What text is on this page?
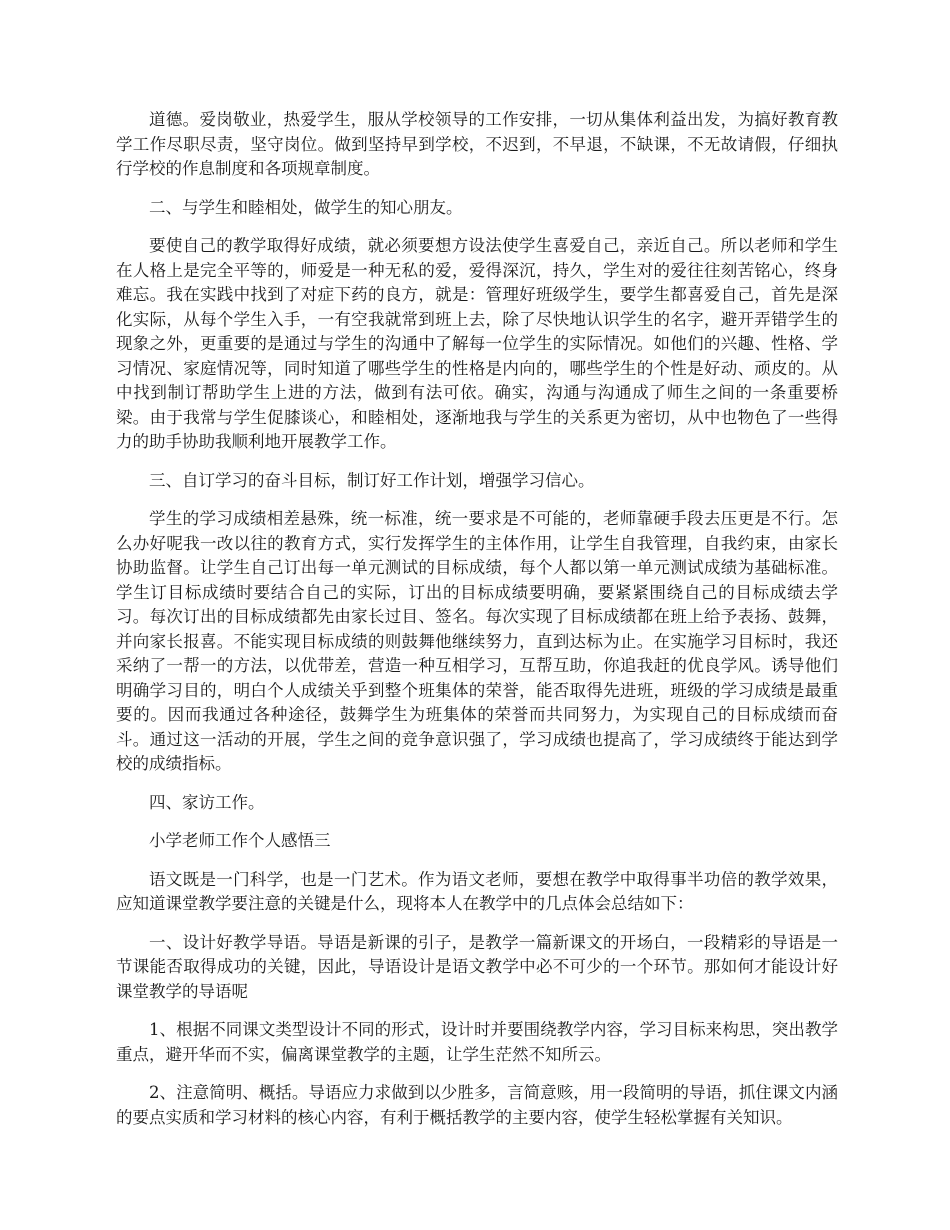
道德。爱岗敬业，热爱学生，服从学校领导的工作安排，一切从集体利益出发，为搞好教育教学工作尽职尽责，坚守岗位。做到坚持早到学校，不迟到，不早退，不缺课，不无故请假，仔细执行学校的作息制度和各项规章制度。

二、与学生和睦相处，做学生的知心朋友。

要使自己的教学取得好成绩，就必须要想方设法使学生喜爱自己，亲近自己。所以老师和学生在人格上是完全平等的，师爱是一种无私的爱，爱得深沉，持久，学生对的爱往往刻苦铭心，终身难忘。我在实践中找到了对症下药的良方，就是：管理好班级学生，要学生都喜爱自己，首先是深化实际，从每个学生入手，一有空我就常到班上去，除了尽快地认识学生的名字，避开弄错学生的现象之外，更重要的是通过与学生的沟通中了解每一位学生的实际情况。如他们的兴趣、性格、学习情况、家庭情况等，同时知道了哪些学生的性格是内向的，哪些学生的个性是好动、顽皮的。从中找到制订帮助学生上进的方法，做到有法可依。确实，沟通与沟通成了师生之间的一条重要桥梁。由于我常与学生促膝谈心，和睦相处，逐渐地我与学生的关系更为密切，从中也物色了一些得力的助手协助我顺利地开展教学工作。

三、自订学习的奋斗目标，制订好工作计划，增强学习信心。

学生的学习成绩相差悬殊，统一标准，统一要求是不可能的，老师靠硬手段去压更是不行。怎么办好呢我一改以往的教育方式，实行发挥学生的主体作用，让学生自我管理，自我约束，由家长协助监督。让学生自己订出每一单元测试的目标成绩，每个人都以第一单元测试成绩为基础标准。学生订目标成绩时要结合自己的实际，订出的目标成绩要明确，要紧紧围绕自己的目标成绩去学习。每次订出的目标成绩都先由家长过目、签名。每次实现了目标成绩都在班上给予表扬、鼓舞，并向家长报喜。不能实现目标成绩的则鼓舞他继续努力，直到达标为止。在实施学习目标时，我还采纳了一帮一的方法，以优带差，营造一种互相学习，互帮互助，你追我赶的优良学风。诱导他们明确学习目的，明白个人成绩关乎到整个班集体的荣誉，能否取得先进班，班级的学习成绩是最重要的。因而我通过各种途径，鼓舞学生为班集体的荣誉而共同努力，为实现自己的目标成绩而奋斗。通过这一活动的开展，学生之间的竞争意识强了，学习成绩也提高了，学习成绩终于能达到学校的成绩指标。

四、家访工作。

小学老师工作个人感悟三

语文既是一门科学，也是一门艺术。作为语文老师，要想在教学中取得事半功倍的教学效果，应知道课堂教学要注意的关键是什么，现将本人在教学中的几点体会总结如下：

一、设计好教学导语。导语是新课的引子，是教学一篇新课文的开场白，一段精彩的导语是一节课能否取得成功的关键，因此，导语设计是语文教学中必不可少的一个环节。那如何才能设计好课堂教学的导语呢

1、根据不同课文类型设计不同的形式，设计时并要围绕教学内容，学习目标来构思，突出教学重点，避开华而不实，偏离课堂教学的主题，让学生茫然不知所云。

2、注意简明、概括。导语应力求做到以少胜多，言简意赅，用一段简明的导语，抓住课文内涵的要点实质和学习材料的核心内容，有利于概括教学的主要内容，使学生轻松掌握有关知识。
